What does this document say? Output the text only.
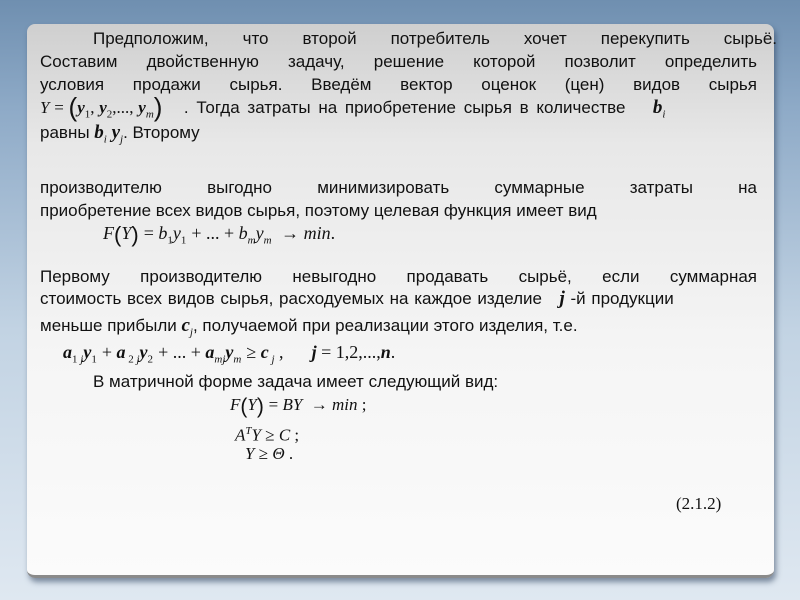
Предположим, что второй потребитель хочет перекупить сырьё.
Составим двойственную задачу, решение которой позволит определить
условия продажи сырья. Введём вектор оценок (цен) видов сырья
$Y = (y_1$, $y_2$,..., $y_m$) . Тогда затраты на приобретение сырья в количестве $b_i$
равны $b_i$ $y_j$. Второму
производителю выгодно минимизировать суммарные затраты на
приобретение всех видов сырья, поэтому целевая функция имеет вид
$F(Y) = b_1y_1$ + ... + $b_my_m \to \min$.
Первому производителю невыгодно продавать сырьё, если суммарная
стоимость всех видов сырья, расходуемых на каждое изделие j -й продукции
меньше прибыли $c_j$, получаемой при реализации этого изделия, т.е.
$a_1$ $_jy_1 + a$ $_2$ $_jy_2$ + ... + $a_{mj}y_m \ge c$ $_j$ , j = 1,2,...,n.
В матричной форме задача имеет следующий вид:
F(Y) = BY  → min ;
$A^TY \ge C$ ;
Y ≥ Θ .
(2.1.2)
